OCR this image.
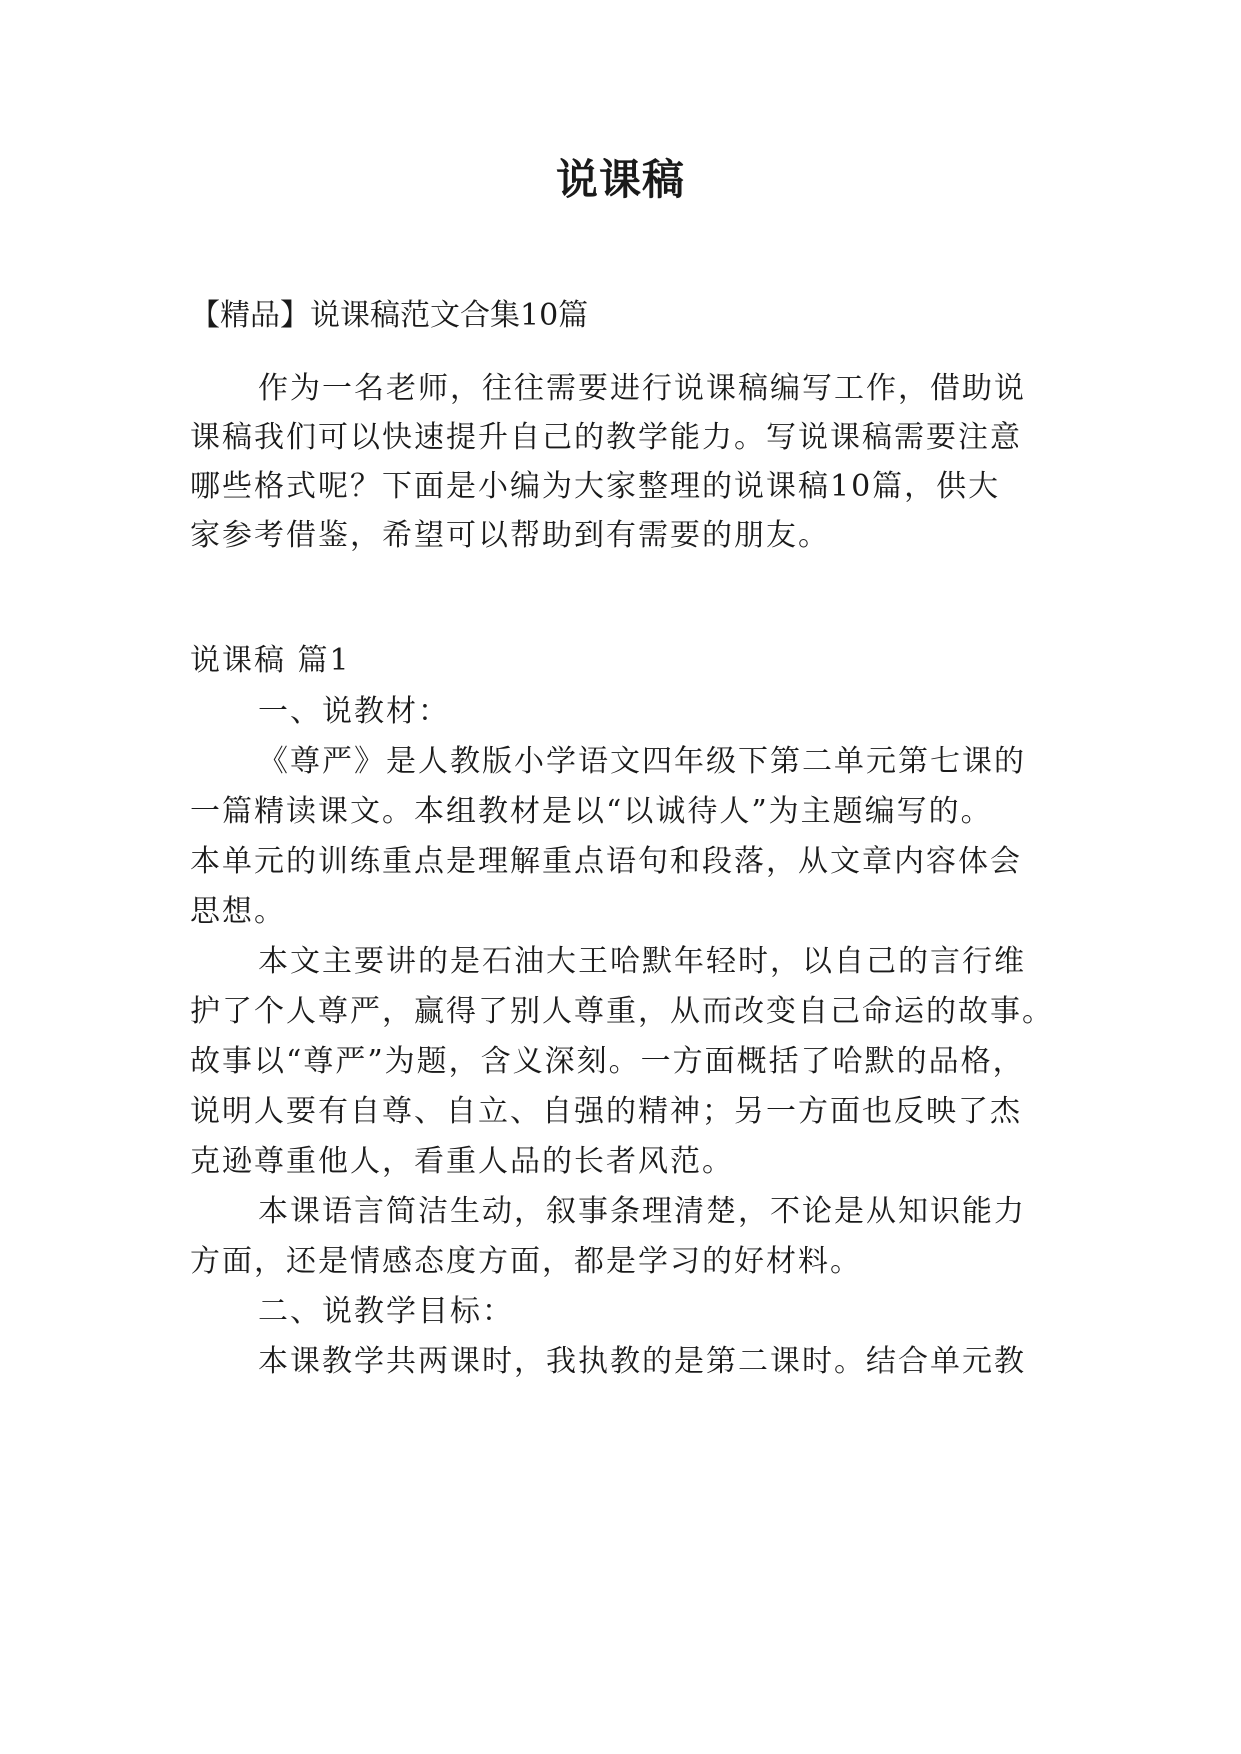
说课稿
【精品】说课稿范文合集10篇
作为一名老师，往往需要进行说课稿编写工作，借助说
课稿我们可以快速提升自己的教学能力。写说课稿需要注意
哪些格式呢？下面是小编为大家整理的说课稿10篇，供大
家参考借鉴，希望可以帮助到有需要的朋友。
说课稿 篇1
一、说教材：
《尊严》是人教版小学语文四年级下第二单元第七课的
一篇精读课文。本组教材是以“以诚待人”为主题编写的。
本单元的训练重点是理解重点语句和段落，从文章内容体会
思想。
本文主要讲的是石油大王哈默年轻时，以自己的言行维
护了个人尊严，赢得了别人尊重，从而改变自己命运的故事。
故事以“尊严”为题，含义深刻。一方面概括了哈默的品格，
说明人要有自尊、自立、自强的精神；另一方面也反映了杰
克逊尊重他人，看重人品的长者风范。
本课语言简洁生动，叙事条理清楚，不论是从知识能力
方面，还是情感态度方面，都是学习的好材料。
二、说教学目标：
本课教学共两课时，我执教的是第二课时。结合单元教
